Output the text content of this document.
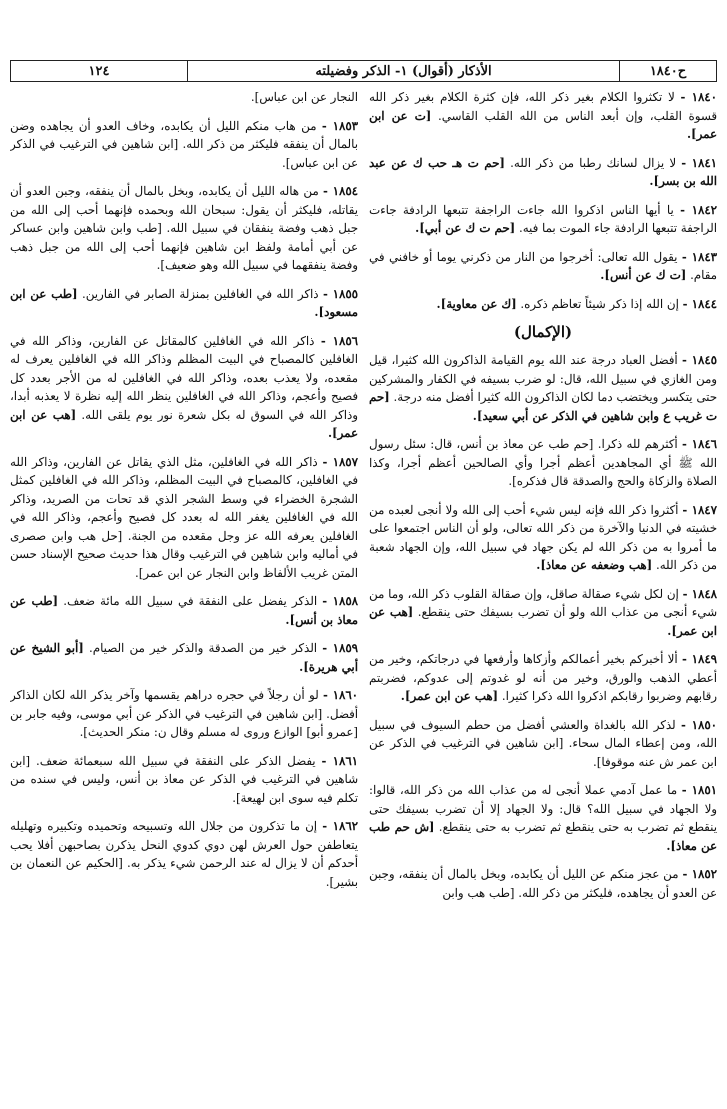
ح١٨٤٠
الأذكار (أقوال) ١- الذكر وفضيلته
١٢٤

١٨٤٠ - لا تكثروا الكلام بغير ذكر الله، فإن كثرة الكلام بغير ذكر الله قسوة القلب، وإن أبعد الناس من الله القلب القاسي. [ت عن ابن عمر].

١٨٤١ - لا يزال لسانك رطبا من ذكر الله. [حم ت هـ حب ك عن عبد الله بن بسر].

١٨٤٢ - يا أيها الناس اذكروا الله جاءت الراجفة تتبعها الرادفة جاءت الراجفة تتبعها الرادفة جاء الموت بما فيه. [حم ت ك عن أبي].

١٨٤٣ - يقول الله تعالى: أخرجوا من النار من ذكرني يوما أو خافني في مقام. [ت ك عن أنس].

١٨٤٤ - إن الله إذا ذكر شيئاً تعاظم ذكره. [ك عن معاوية].

(الإكمال)

١٨٤٥ - أفضل العباد درجة عند الله يوم القيامة الذاكرون الله كثيرا، قيل ومن الغازي في سبيل الله، قال: لو ضرب بسيفه في الكفار والمشركين حتى يتكسر ويختضب دما لكان الذاكرون الله كثيرا أفضل منه درجة. [حم ت غريب ع وابن شاهين في الذكر عن أبي سعيد].

١٨٤٦ - أكثرهم لله ذكرا. [حم طب عن معاذ بن أنس، قال: سئل رسول الله ﷺ أي المجاهدين أعظم أجرا وأي الصالحين أعظم أجرا، وكذا الصلاة والزكاة والحج والصدقة قال فذكره].

١٨٤٧ - أكثروا ذكر الله فإنه ليس شيء أحب إلى الله ولا أنجى لعبده من خشيته في الدنيا والآخرة من ذكر الله تعالى، ولو أن الناس اجتمعوا على ما أمروا به من ذكر الله لم يكن جهاد في سبيل الله، وإن الجهاد شعبة من ذكر الله. [هب وضعفه عن معاذ].

١٨٤٨ - إن لكل شيء صقالة صاقل، وإن صقالة القلوب ذكر الله، وما من شيء أنجى من عذاب الله ولو أن تضرب بسيفك حتى ينقطع. [هب عن ابن عمر].

١٨٤٩ - ألا أخبركم بخير أعمالكم وأزكاها وأرفعها في درجاتكم، وخير من أعطي الذهب والورق، وخير من أنه لو غدوتم إلى عدوكم، فضربتم رقابهم وضربوا رقابكم اذكروا الله ذكرا كثيرا. [هب عن ابن عمر].

١٨٥٠ - لذكر الله بالغداة والعشي أفضل من حطم السيوف في سبيل الله، ومن إعطاء المال سحاء. [ابن شاهين في الترغيب في الذكر عن ابن عمر ش عنه موقوفا].

١٨٥١ - ما عمل آدمي عملا أنجى له من عذاب الله من ذكر الله، قالوا: ولا الجهاد في سبيل الله؟ قال: ولا الجهاد إلا أن تضرب بسيفك حتى ينقطع ثم تضرب به حتى ينقطع ثم تضرب به حتى ينقطع. [ش حم طب عن معاذ].

١٨٥٢ - من عجز منكم عن الليل أن يكابده، وبخل بالمال أن ينفقه، وجبن عن العدو أن يجاهده، فليكثر من ذكر الله. [طب هب وابن

النجار عن ابن عباس].

١٨٥٣ - من هاب منكم الليل أن يكابده، وخاف العدو أن يجاهده وضن بالمال أن ينفقه فليكثر من ذكر الله. [ابن شاهين في الترغيب في الذكر عن ابن عباس].

١٨٥٤ - من هاله الليل أن يكابده، وبخل بالمال أن ينفقه، وجبن العدو أن يقاتله، فليكثر أن يقول: سبحان الله وبحمده فإنهما أحب إلى الله من جبل ذهب وفضة ينفقان في سبيل الله. [طب وابن شاهين وابن عساكر عن أبي أمامة ولفظ ابن شاهين فإنهما أحب إلى الله من جبل ذهب وفضة ينفقهما في سبيل الله وهو ضعيف].

١٨٥٥ - ذاكر الله في الغافلين بمنزلة الصابر في الفارين. [طب عن ابن مسعود].

١٨٥٦ - ذاكر الله في الغافلين كالمقاتل عن الفارين، وذاكر الله في الغافلين كالمصباح في البيت المظلم وذاكر الله في الغافلين يعرف له مقعده، ولا يعذب بعده، وذاكر الله في الغافلين له من الأجر بعدد كل فصيح وأعجم، وذاكر الله في الغافلين ينظر الله إليه نظرة لا يعذبه أبدا، وذاكر الله في السوق له بكل شعرة نور يوم يلقى الله. [هب عن ابن عمر].

١٨٥٧ - ذاكر الله في الغافلين، مثل الذي يقاتل عن الفارين، وذاكر الله في الغافلين، كالمصباح في البيت المظلم، وذاكر الله في الغافلين كمثل الشجرة الخضراء في وسط الشجر الذي قد تحات من الصريد، وذاكر الله في الغافلين يغفر الله له بعدد كل فصيح وأعجم، وذاكر الله في الغافلين يعرفه الله عز وجل مقعده من الجنة. [حل هب وابن صصرى في أماليه وابن شاهين في الترغيب وقال هذا حديث صحيح الإسناد حسن المتن غريب الألفاظ وابن النجار عن ابن عمر].

١٨٥٨ - الذكر يفضل على النفقة في سبيل الله مائة ضعف. [طب عن معاذ بن أنس].

١٨٥٩ - الذكر خير من الصدقة والذكر خير من الصيام. [أبو الشيخ عن أبي هريرة].

١٨٦٠ - لو أن رجلاً في حجره دراهم يقسمها وآخر يذكر الله لكان الذاكر أفضل. [ابن شاهين في الترغيب في الذكر عن أبي موسى، وفيه جابر بن [عمرو أبو] الوازع وروى له مسلم وقال ن: منكر الحديث].

١٨٦١ - يفضل الذكر على النفقة في سبيل الله سبعمائة ضعف. [ابن شاهين في الترغيب في الذكر عن معاذ بن أنس، وليس في سنده من تكلم فيه سوى ابن لهيعة].

١٨٦٢ - إن ما تذكرون من جلال الله وتسبيحه وتحميده وتكبيره وتهليله يتعاطفن حول العرش لهن دوي كدوي النحل يذكرن بصاحبهن أفلا يحب أحدكم أن لا يزال له عند الرحمن شيء يذكر به. [الحكيم عن النعمان بن بشير].
